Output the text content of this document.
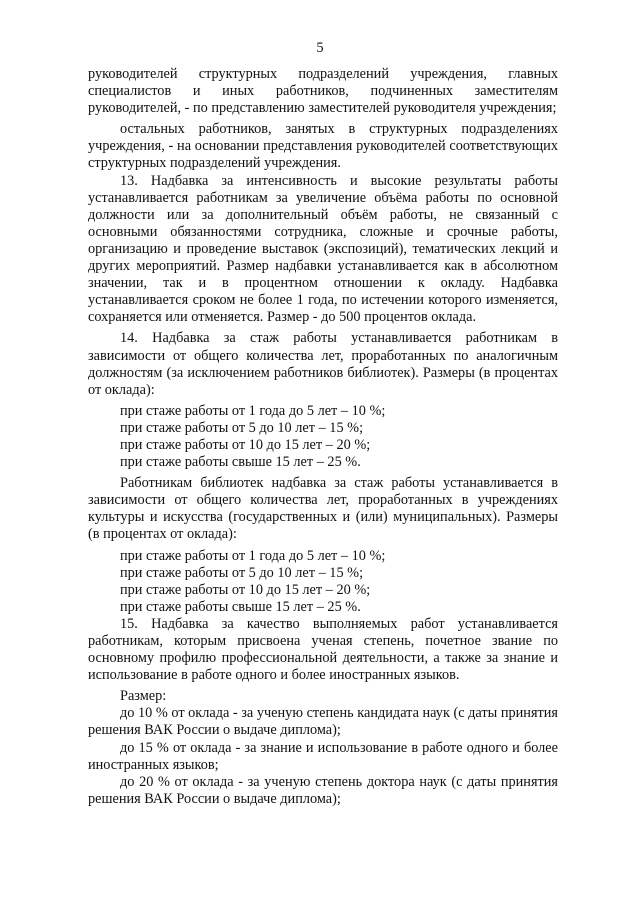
5

руководителей структурных подразделений учреждения, главных специалистов и иных работников, подчиненных заместителям руководителей, - по представлению заместителей руководителя учреждения;

остальных работников, занятых в структурных подразделениях учреждения, - на основании представления руководителей соответствующих структурных подразделений учреждения.

13. Надбавка за интенсивность и высокие результаты работы устанавливается работникам за увеличение объёма работы по основной должности или за дополнительный объём работы, не связанный с основными обязанностями сотрудника, сложные и срочные работы, организацию и проведение выставок (экспозиций), тематических лекций и других мероприятий. Размер надбавки устанавливается как в абсолютном значении, так и в процентном отношении к окладу. Надбавка устанавливается сроком не более 1 года, по истечении которого изменяется, сохраняется или отменяется. Размер - до 500 процентов оклада.

14. Надбавка за стаж работы устанавливается работникам в зависимости от общего количества лет, проработанных по аналогичным должностям (за исключением работников библиотек). Размеры (в процентах от оклада):

при стаже работы от 1 года до 5 лет – 10 %;

при стаже работы от 5 до 10 лет – 15 %;

при стаже работы от 10 до 15 лет – 20 %;

при стаже работы свыше 15 лет – 25 %.

Работникам библиотек надбавка за стаж работы устанавливается в зависимости от общего количества лет, проработанных в учреждениях культуры и искусства (государственных и (или) муниципальных). Размеры (в процентах от оклада):

при стаже работы от 1 года до 5 лет – 10 %;

при стаже работы от 5 до 10 лет – 15 %;

при стаже работы от 10 до 15 лет – 20 %;

при стаже работы свыше 15 лет – 25 %.

15. Надбавка за качество выполняемых работ устанавливается работникам, которым присвоена ученая степень, почетное звание по основному профилю профессиональной деятельности, а также за знание и использование в работе одного и более иностранных языков.

Размер:

до 10 % от оклада - за ученую степень кандидата наук (с даты принятия решения ВАК России о выдаче диплома);

до 15 % от оклада - за знание и использование в работе одного и более иностранных языков;

до 20 % от оклада - за ученую степень доктора наук (с даты принятия решения ВАК России о выдаче диплома);
